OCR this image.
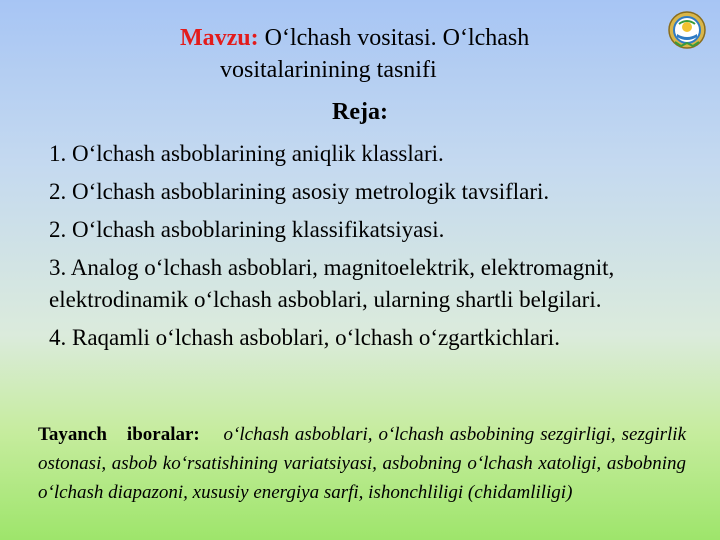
Mavzu: O‘lchash vositasi. O‘lchash
vositalarinining tasnifi
Reja:
1. O‘lchash asboblarining aniqlik klasslari.
2. O‘lchash asboblarining asosiy metrologik tavsiflari.
2. O‘lchash asboblarining klassifikatsiyasi.
3. Analog o‘lchash asboblari, magnitoelektrik, elektromagnit, elektrodinamik o‘lchash asboblari, ularning shartli belgilari.
4. Raqamli o‘lchash asboblari, o‘lchash o‘zgartkichlari.
Tayanch iboralar: o‘lchash asboblari, o‘lchash asbobining sezgirligi, sezgirlik ostonasi, asbob ko‘rsatishining variatsiyasi, asbobning o‘lchash xatoligi, asbobning o‘lchash diapazoni, xususiy energiya sarfi, ishonchliligi (chidamliligi)
